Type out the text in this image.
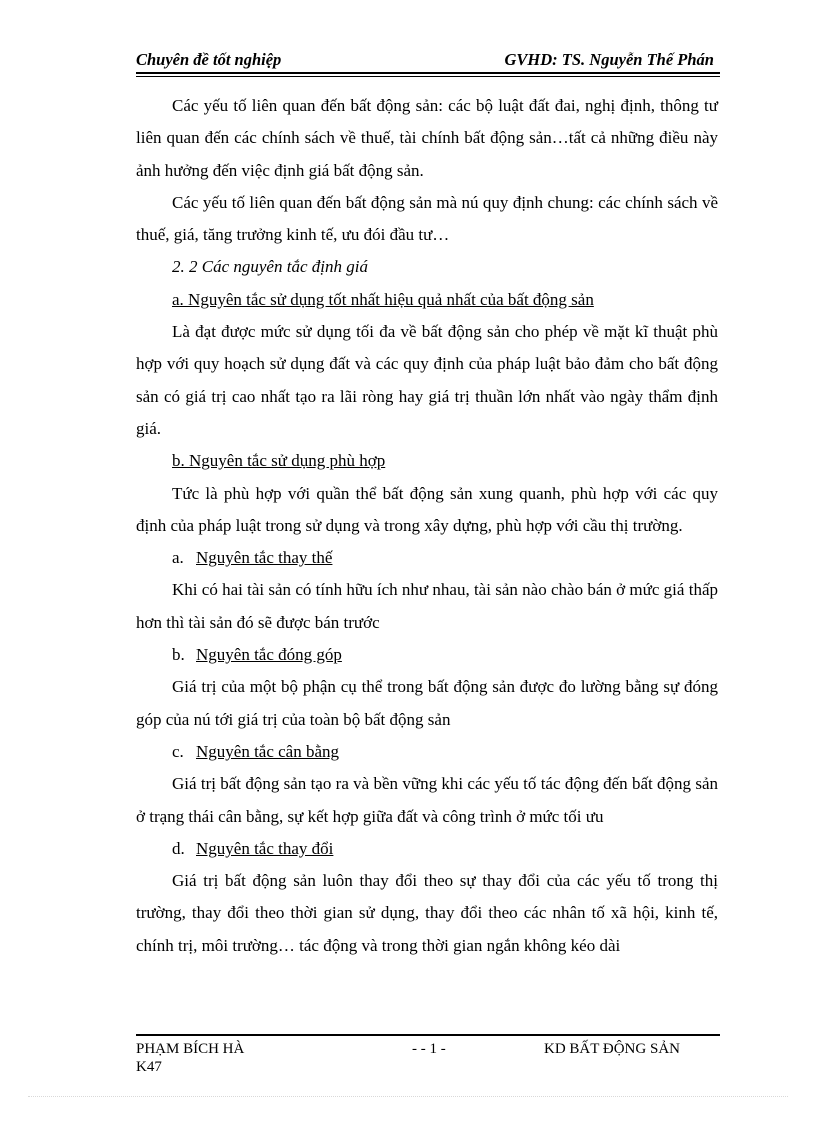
Chuyên đề tốt nghiệp	GVHD: TS. Nguyễn Thế Phán

Các yếu tố liên quan đến bất động sản: các bộ luật đất đai, nghị định, thông tư liên quan đến các chính sách về thuế, tài chính bất động sản…tất cả những điều này ảnh hưởng đến việc định giá bất động sản.

Các yếu tố liên quan đến bất động sản mà nú quy định chung: các chính sách về thuế, giá, tăng trưởng kinh tế, ưu đói đầu tư…

2. 2 Các nguyên tắc định giá

a. Nguyên tắc sử dụng tốt nhất hiệu quả nhất của bất động sản

Là đạt được mức sử dụng tối đa về bất động sản cho phép về mặt kĩ thuật phù hợp với quy hoạch sử dụng đất và các quy định của pháp luật bảo đảm cho bất động sản có giá trị cao nhất tạo ra lãi ròng hay giá trị thuần lớn nhất vào ngày thẩm định giá.

b. Nguyên tắc sử dụng phù hợp

Tức là phù hợp với quần thể bất động sản xung quanh, phù hợp với các quy định của pháp luật trong sử dụng và trong xây dựng, phù hợp với cầu thị trường.

a. Nguyên tắc thay thế

Khi có hai tài sản có tính hữu ích như nhau, tài sản nào chào bán ở mức giá thấp hơn thì tài sản đó sẽ được bán trước

b. Nguyên tắc đóng góp

Giá trị của một bộ phận cụ thể trong bất động sản được đo lường bằng sự đóng góp của nú tới giá trị của toàn bộ bất động sản

c. Nguyên tắc cân bằng

Giá trị bất động sản tạo ra và bền vững khi các yếu tố tác động đến bất động sản ở trạng thái cân bằng, sự kết hợp giữa đất và công trình ở mức tối ưu

d. Nguyên tắc thay đổi

Giá trị bất động sản luôn thay đổi theo sự thay đổi của các yếu tố trong thị trường, thay đổi theo thời gian sử dụng, thay đổi theo các nhân tố xã hội, kinh tế, chính trị, môi trường… tác động và trong thời gian ngắn không kéo dài

PHẠM BÍCH HÀ
K47
- - 1 -	KD BẤT ĐỘNG SẢN
